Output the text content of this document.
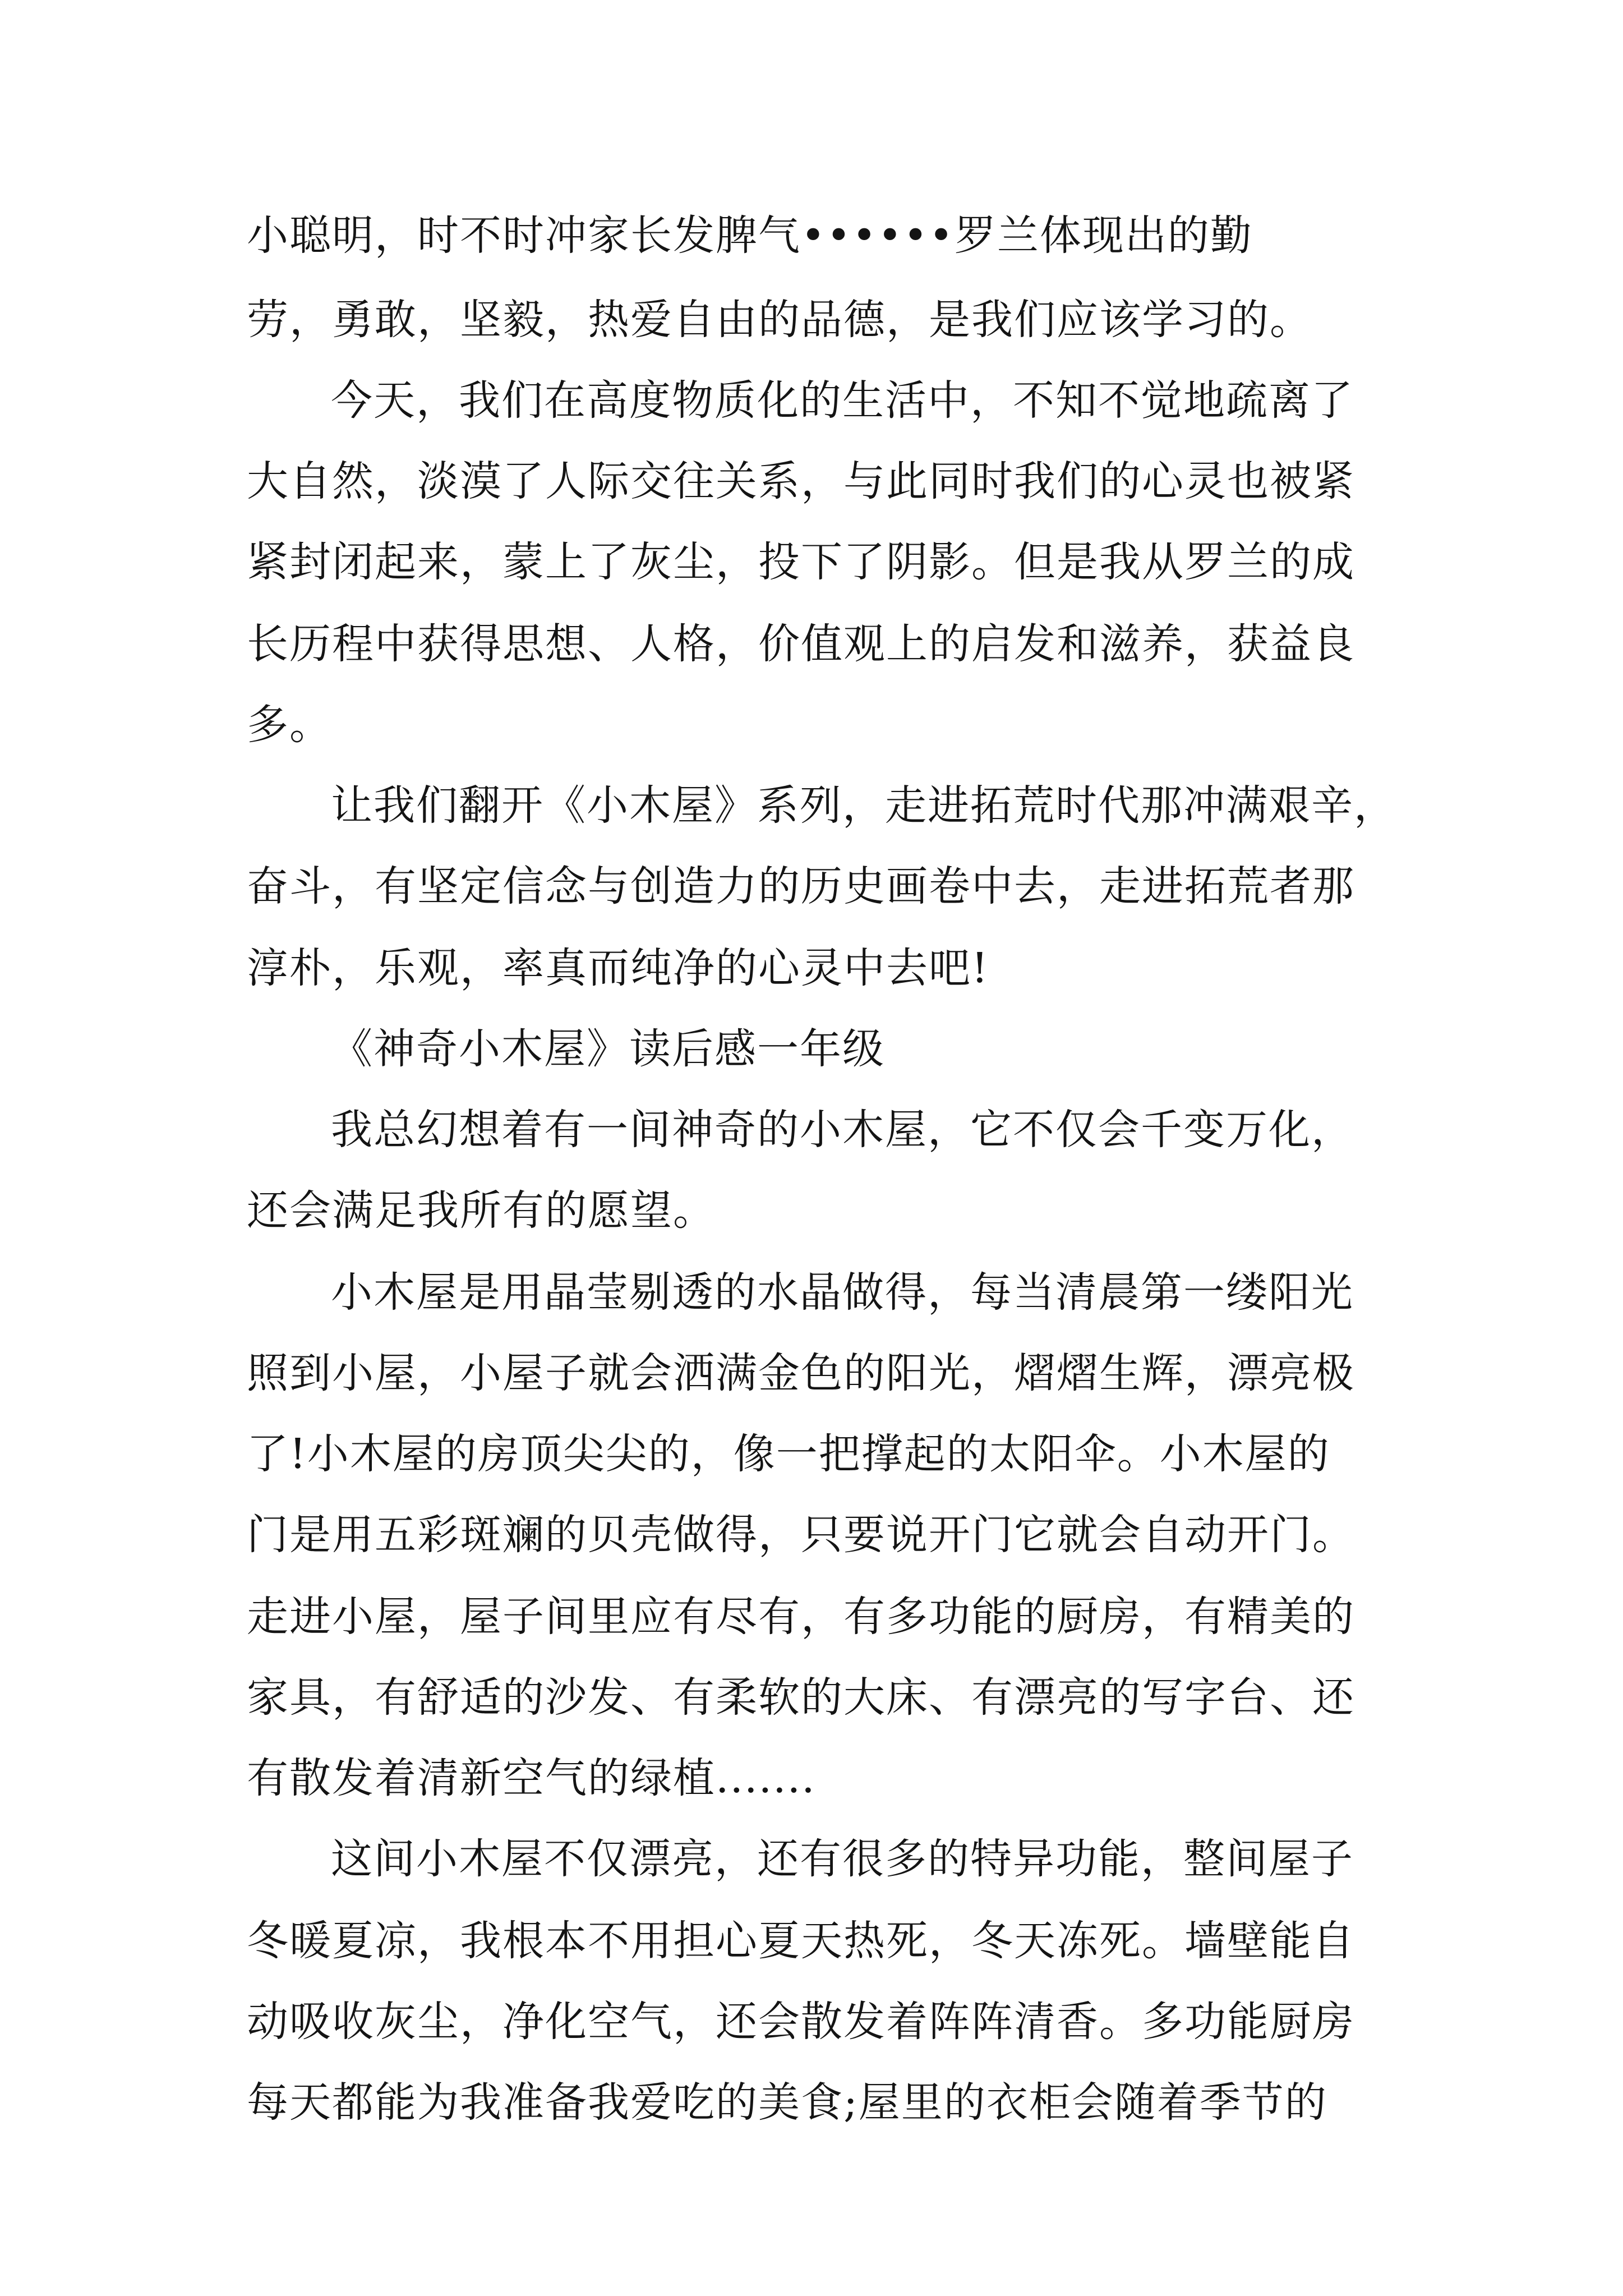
小聪明，时不时冲家长发脾气••••••罗兰体现出的勤
劳，勇敢，坚毅，热爱自由的品德，是我们应该学习的。
今天，我们在高度物质化的生活中，不知不觉地疏离了
大自然，淡漠了人际交往关系，与此同时我们的心灵也被紧
紧封闭起来，蒙上了灰尘，投下了阴影。但是我从罗兰的成
长历程中获得思想、人格，价值观上的启发和滋养，获益良
多。
让我们翻开《小木屋》系列，走进拓荒时代那冲满艰辛，
奋斗，有坚定信念与创造力的历史画卷中去，走进拓荒者那
淳朴，乐观，率真而纯净的心灵中去吧!
《神奇小木屋》读后感一年级
我总幻想着有一间神奇的小木屋，它不仅会千变万化，
还会满足我所有的愿望。
小木屋是用晶莹剔透的水晶做得，每当清晨第一缕阳光
照到小屋，小屋子就会洒满金色的阳光，熠熠生辉，漂亮极
了!小木屋的房顶尖尖的，像一把撑起的太阳伞。小木屋的
门是用五彩斑斓的贝壳做得，只要说开门它就会自动开门。
走进小屋，屋子间里应有尽有，有多功能的厨房，有精美的
家具，有舒适的沙发、有柔软的大床、有漂亮的写字台、还
有散发着清新空气的绿植.......
这间小木屋不仅漂亮，还有很多的特异功能，整间屋子
冬暖夏凉，我根本不用担心夏天热死，冬天冻死。墙壁能自
动吸收灰尘，净化空气，还会散发着阵阵清香。多功能厨房
每天都能为我准备我爱吃的美食;屋里的衣柜会随着季节的
